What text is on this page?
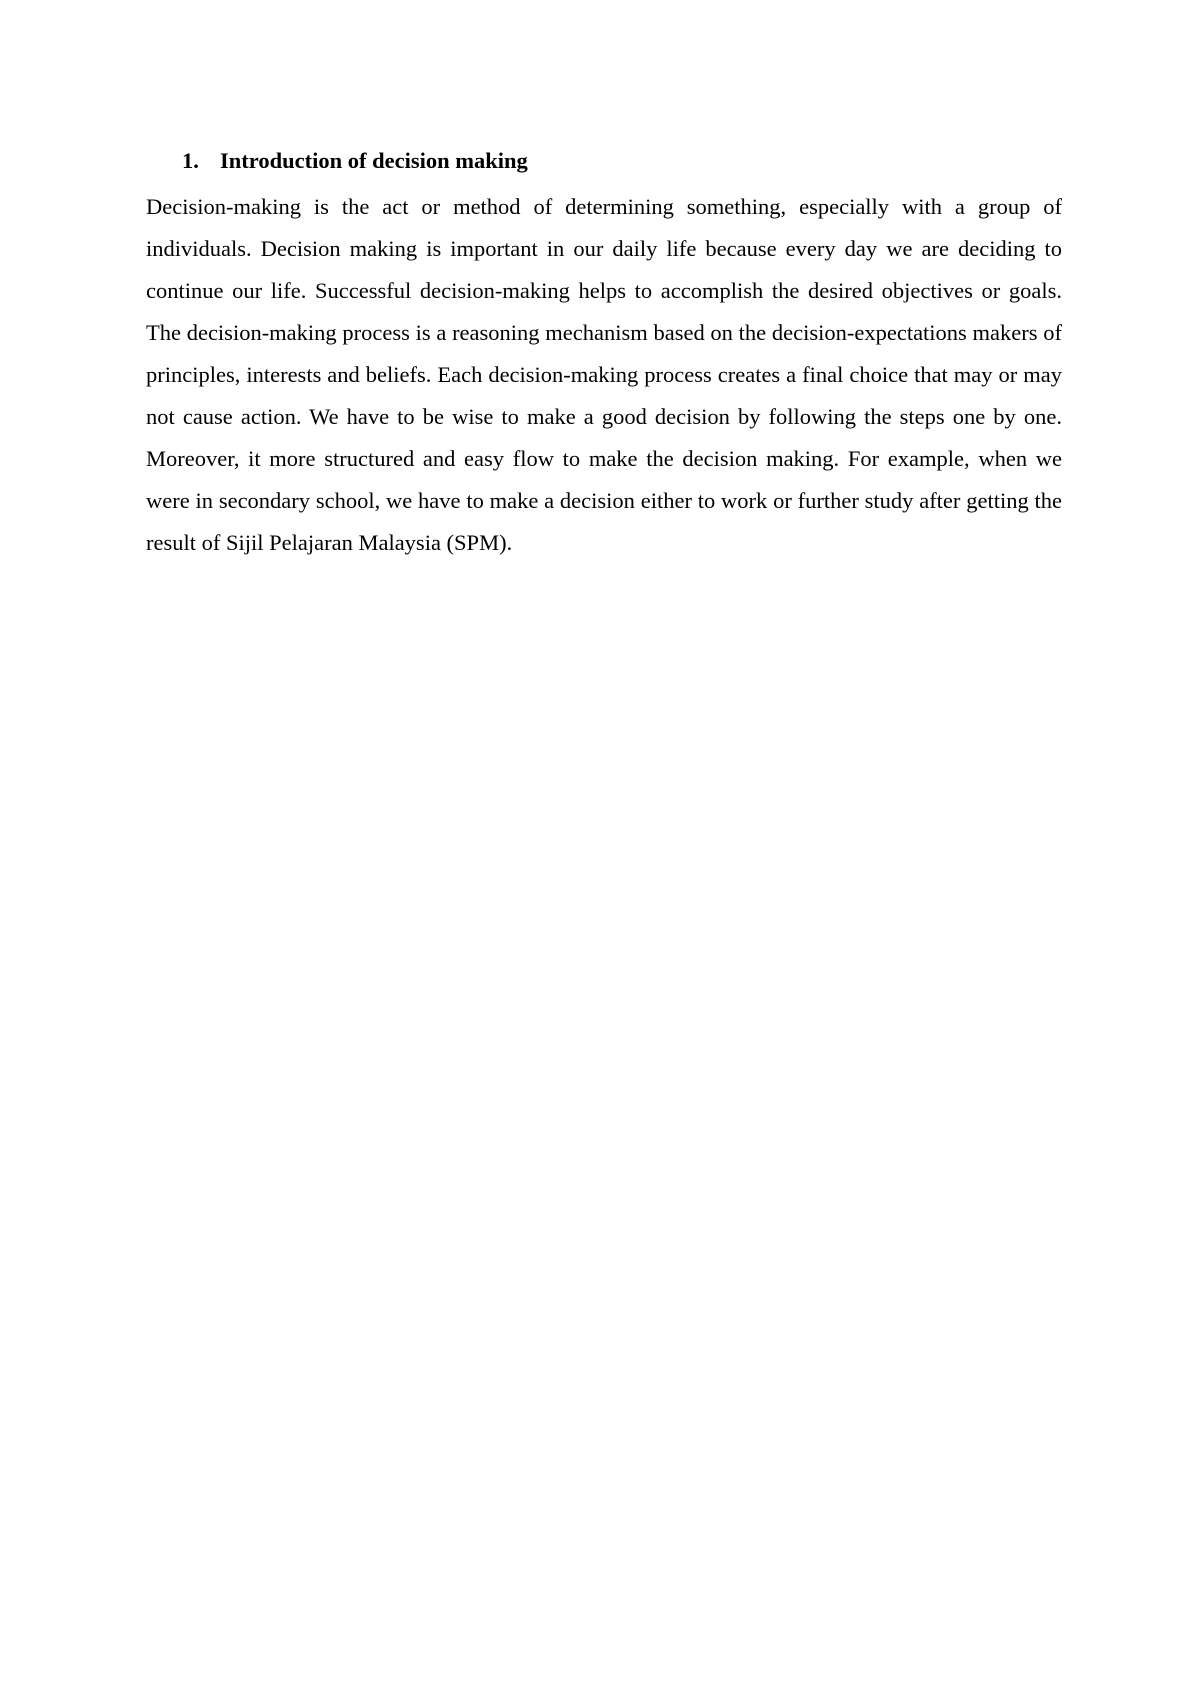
1. Introduction of decision making

Decision-making is the act or method of determining something, especially with a group of individuals. Decision making is important in our daily life because every day we are deciding to continue our life. Successful decision-making helps to accomplish the desired objectives or goals. The decision-making process is a reasoning mechanism based on the decision-expectations makers of principles, interests and beliefs. Each decision-making process creates a final choice that may or may not cause action. We have to be wise to make a good decision by following the steps one by one. Moreover, it more structured and easy flow to make the decision making. For example, when we were in secondary school, we have to make a decision either to work or further study after getting the result of Sijil Pelajaran Malaysia (SPM).
